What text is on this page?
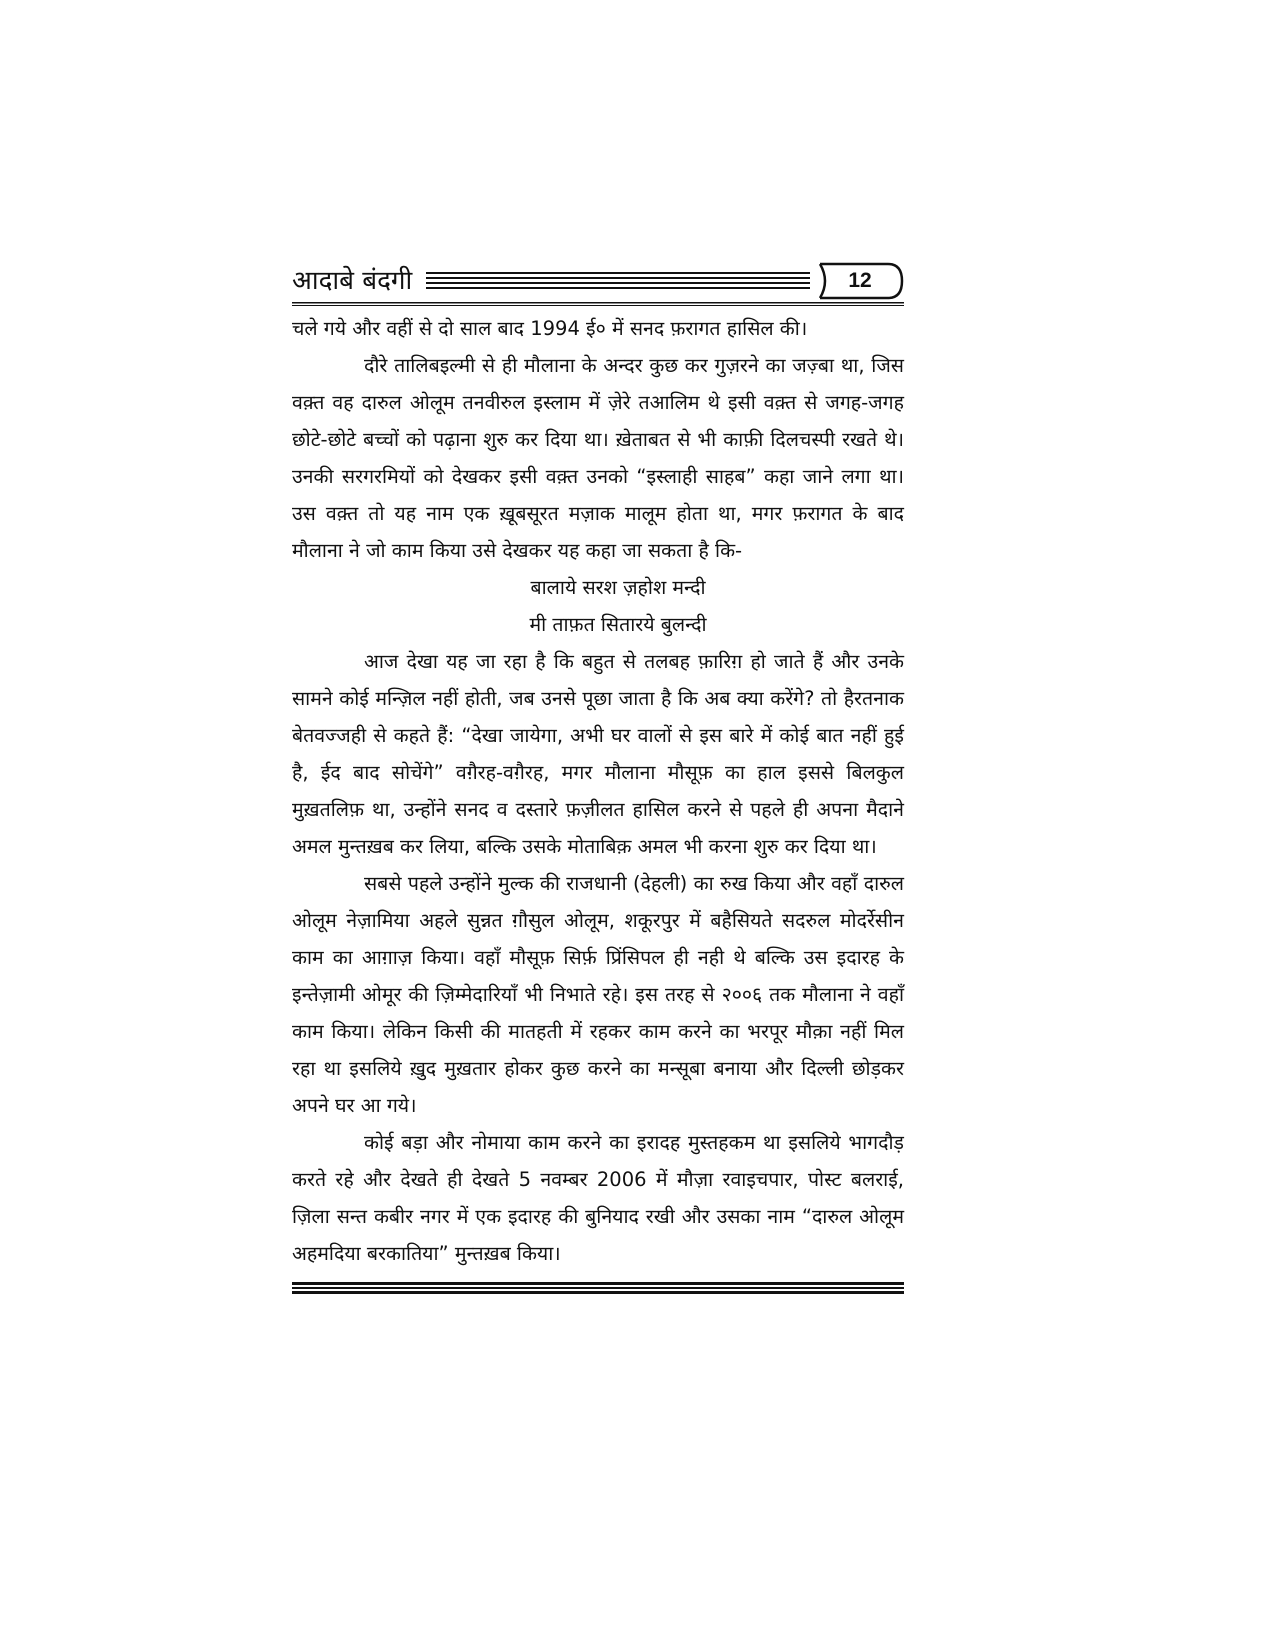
आदाबे बंदगी	12

चले गये और वहीं से दो साल बाद 1994 ई० में सनद फ़रागत हासिल की।

दौरे तालिबइल्मी से ही मौलाना के अन्दर कुछ कर गुज़रने का जज़्बा था, जिस वक़्त वह दारुल ओलूम तनवीरुल इस्लाम में ज़ेरे तआलिम थे इसी वक़्त से जगह-जगह छोटे-छोटे बच्चों को पढ़ाना शुरु कर दिया था। ख़ेताबत से भी काफ़ी दिलचस्पी रखते थे। उनकी सरगरमियों को देखकर इसी वक़्त उनको “इस्लाही साहब” कहा जाने लगा था। उस वक़्त तो यह नाम एक ख़ूबसूरत मज़ाक मालूम होता था, मगर फ़रागत के बाद मौलाना ने जो काम किया उसे देखकर यह कहा जा सकता है कि-

बालाये सरश ज़होश मन्दी
मी ताफ़त सितारये बुलन्दी

आज देखा यह जा रहा है कि बहुत से तलबह फ़ारिग़ हो जाते हैं और उनके सामने कोई मन्ज़िल नहीं होती, जब उनसे पूछा जाता है कि अब क्या करेंगे? तो हैरतनाक बेतवज्जही से कहते हैं: “देखा जायेगा, अभी घर वालों से इस बारे में कोई बात नहीं हुई है, ईद बाद सोचेंगे” वग़ैरह-वग़ैरह, मगर मौलाना मौसूफ़ का हाल इससे बिलकुल मुख़तलिफ़ था, उन्होंने सनद व दस्तारे फ़ज़ीलत हासिल करने से पहले ही अपना मैदाने अमल मुन्तख़ब कर लिया, बल्कि उसके मोताबिक़ अमल भी करना शुरु कर दिया था।

सबसे पहले उन्होंने मुल्क की राजधानी (देहली) का रुख किया और वहाँ दारुल ओलूम नेज़ामिया अहले सुन्नत ग़ौसुल ओलूम, शकूरपुर में बहैसियते सदरुल मोदर्रेसीन काम का आग़ाज़ किया। वहाँ मौसूफ़ सिर्फ़ प्रिंसिपल ही नही थे बल्कि उस इदारह के इन्तेज़ामी ओमूर की ज़िम्मेदारियाँ भी निभाते रहे। इस तरह से २००६ तक मौलाना ने वहाँ काम किया। लेकिन किसी की मातहती में रहकर काम करने का भरपूर मौक़ा नहीं मिल रहा था इसलिये ख़ुद मुख़तार होकर कुछ करने का मन्सूबा बनाया और दिल्ली छोड़कर अपने घर आ गये।

कोई बड़ा और नोमाया काम करने का इरादह मुस्तहकम था इसलिये भागदौड़ करते रहे और देखते ही देखते 5 नवम्बर 2006 में मौज़ा रवाइचपार, पोस्ट बलराई, ज़िला सन्त कबीर नगर में एक इदारह की बुनियाद रखी और उसका नाम “दारुल ओलूम अहमदिया बरकातिया” मुन्तख़ब किया।
